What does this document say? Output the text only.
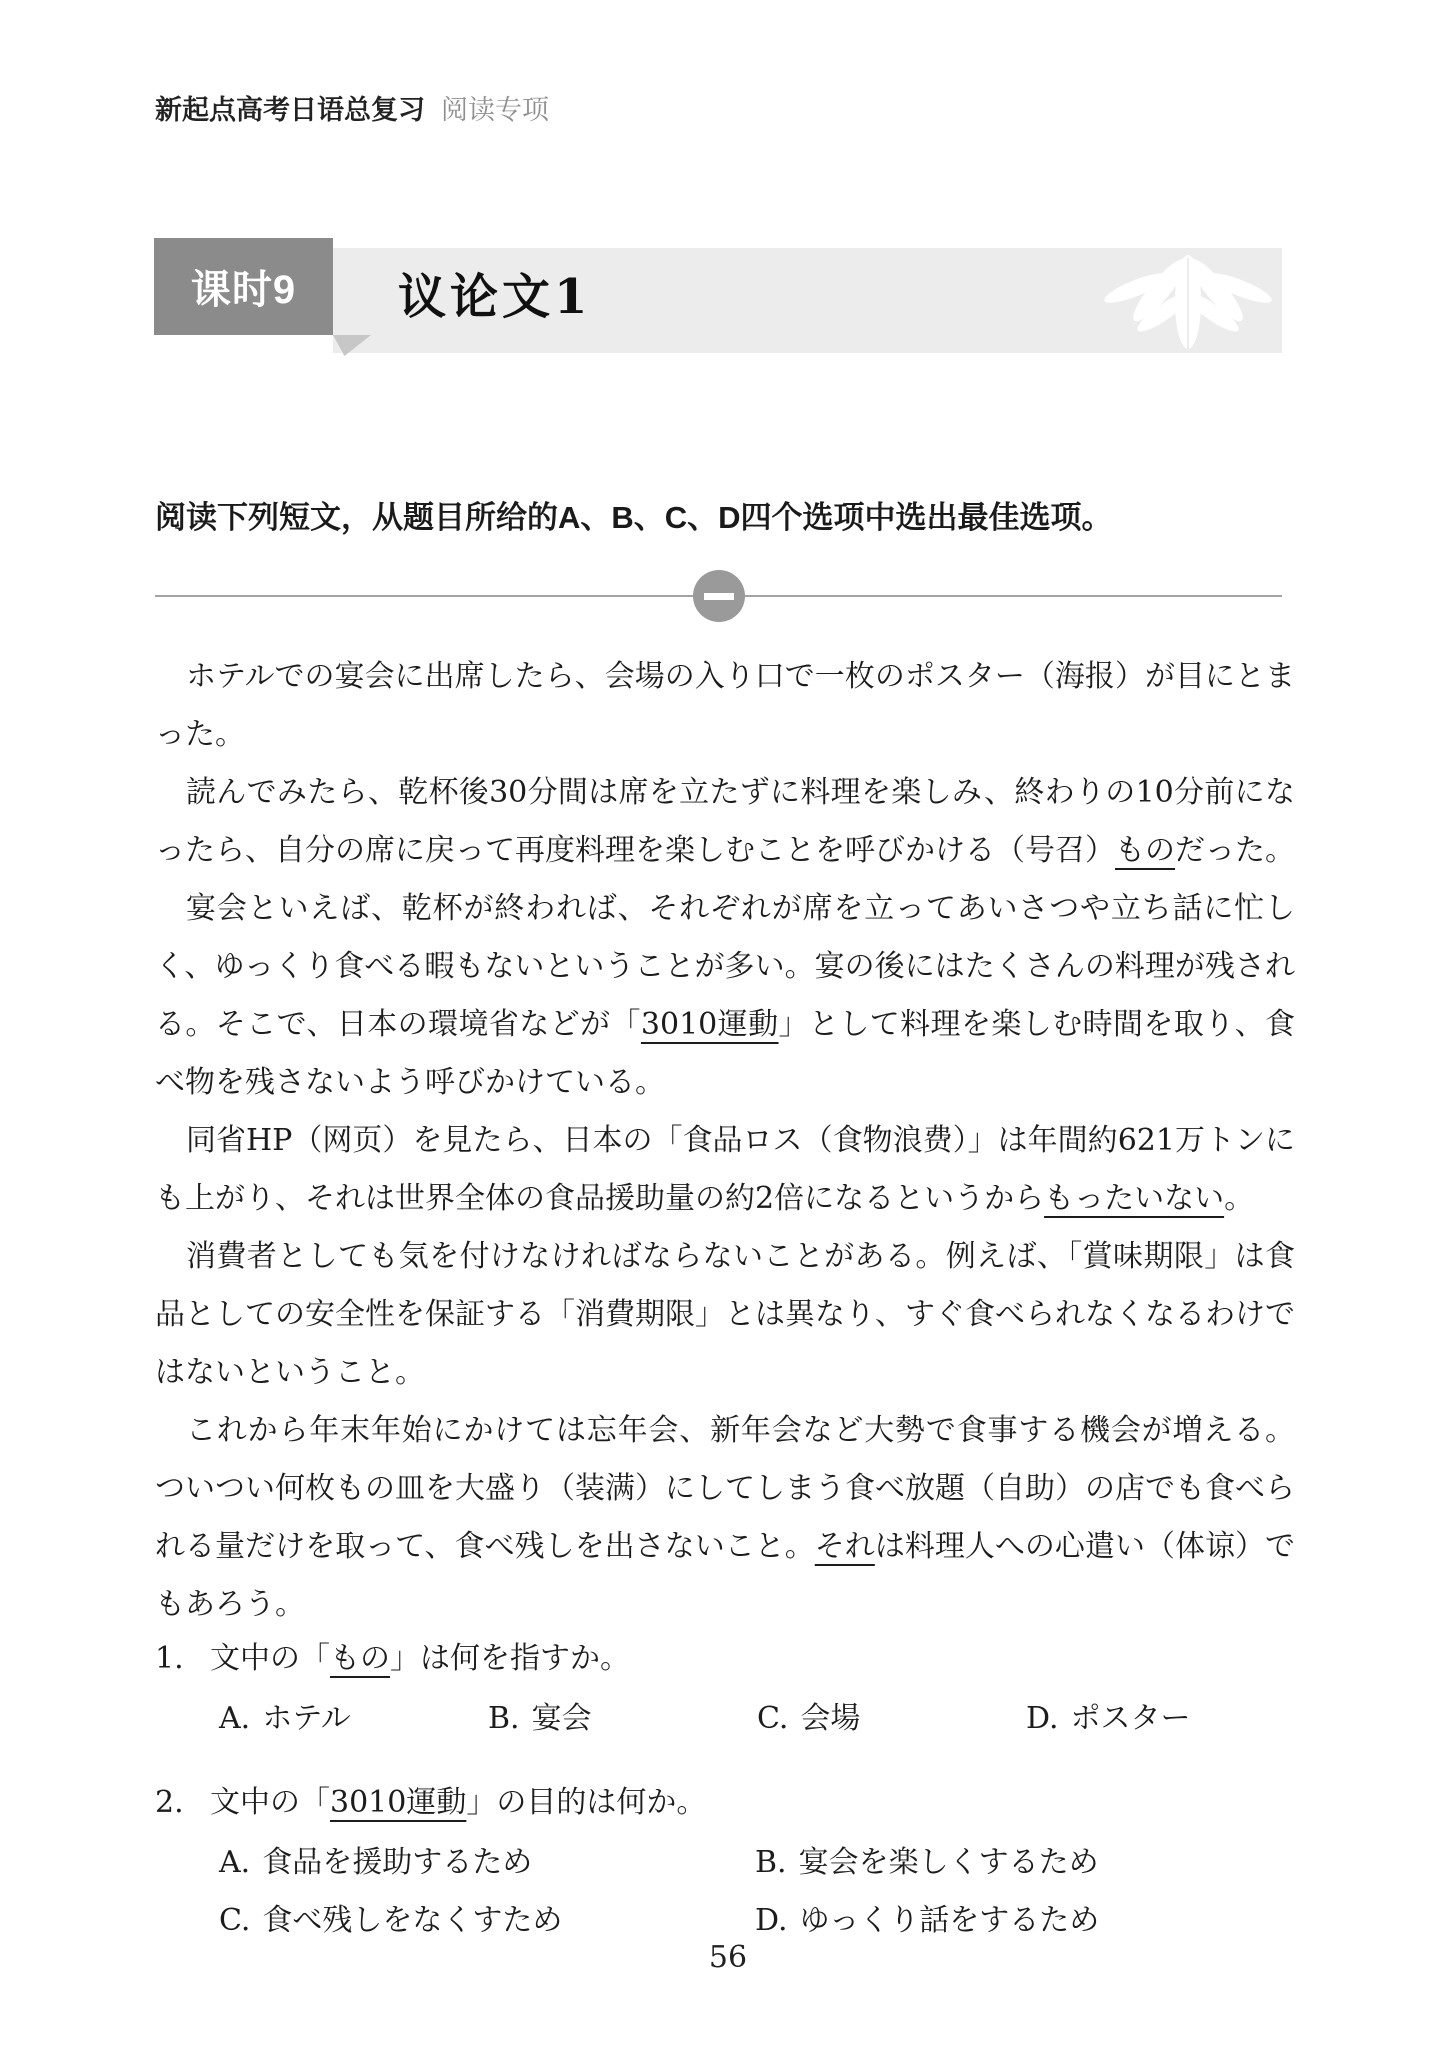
新起点高考日语总复习 阅读专项
课时9 议论文1

阅读下列短文，从题目所给的A、B、C、D四个选项中选出最佳选项。

ホテルでの宴会に出席したら、会場の入り口で一枚のポスター（海报）が目にとまった。

読んでみたら、乾杯後30分間は席を立たずに料理を楽しみ、終わりの10分前になったら、自分の席に戻って再度料理を楽しむことを呼びかける（号召）ものだった。

宴会といえば、乾杯が終われば、それぞれが席を立ってあいさつや立ち話に忙しく、ゆっくり食べる暇もないということが多い。宴の後にはたくさんの料理が残される。そこで、日本の環境省などが「3010運動」として料理を楽しむ時間を取り、食べ物を残さないよう呼びかけている。

同省HP（网页）を見たら、日本の「食品ロス（食物浪费）」は年間約621万トンにも上がり、それは世界全体の食品援助量の約2倍になるというからもったいない。

消費者としても気を付けなければならないことがある。例えば、「賞味期限」は食品としての安全性を保証する「消費期限」とは異なり、すぐ食べられなくなるわけではないということ。

これから年末年始にかけては忘年会、新年会など大勢で食事する機会が増える。ついつい何枚もの皿を大盛り（装满）にしてしまう食べ放題（自助）の店でも食べられる量だけを取って、食べ残しを出さないこと。それは料理人への心遣い（体谅）でもあろう。

1. 文中の「もの」は何を指すか。
A. ホテル	B. 宴会	C. 会場	D. ポスター
2. 文中の「3010運動」の目的は何か。
A. 食品を援助するため	B. 宴会を楽しくするため
C. 食べ残しをなくすため	D. ゆっくり話をするため
56
